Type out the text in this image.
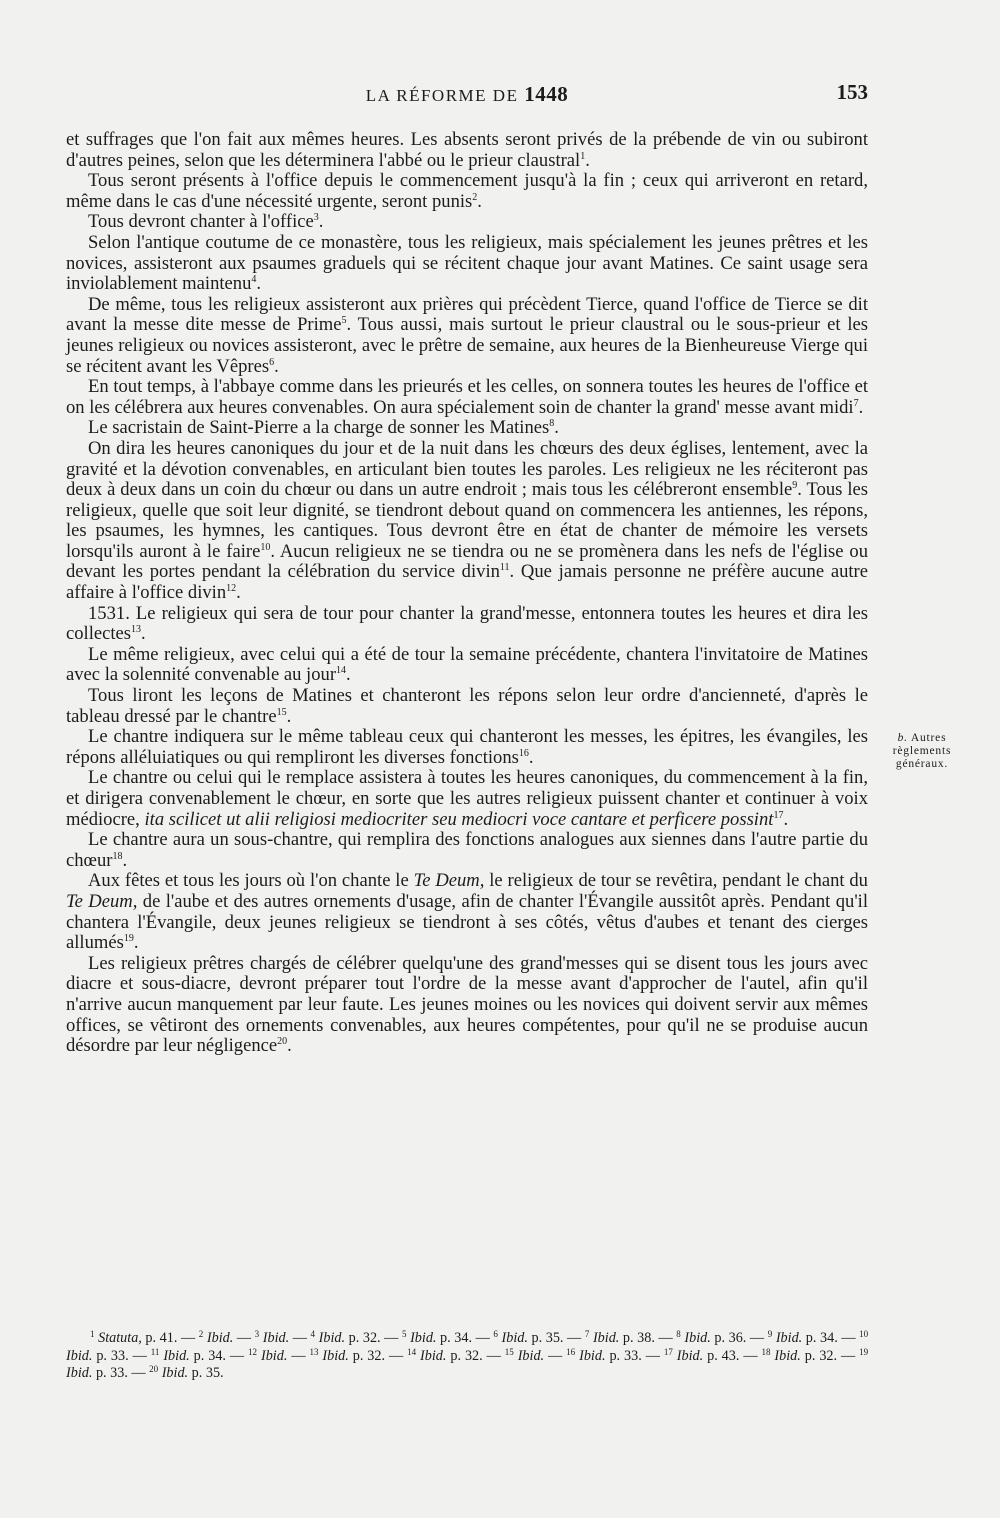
LA RÉFORME DE 1448	153

et suffrages que l'on fait aux mêmes heures. Les absents seront privés de la prébende de vin ou subiront d'autres peines, selon que les déterminera l'abbé ou le prieur claustral$^1$.

Tous seront présents à l'office depuis le commencement jusqu'à la fin ; ceux qui arriveront en retard, même dans le cas d'une nécessité urgente, seront punis$^2$.

Tous devront chanter à l'office$^3$.

Selon l'antique coutume de ce monastère, tous les religieux, mais spécialement les jeunes prêtres et les novices, assisteront aux psaumes graduels qui se récitent chaque jour avant Matines. Ce saint usage sera inviolablement maintenu$^4$.

De même, tous les religieux assisteront aux prières qui précèdent Tierce, quand l'office de Tierce se dit avant la messe dite messe de Prime$^5$. Tous aussi, mais surtout le prieur claustral ou le sous-prieur et les jeunes religieux ou novices assisteront, avec le prêtre de semaine, aux heures de la Bienheureuse Vierge qui se récitent avant les Vêpres$^6$.

En tout temps, à l'abbaye comme dans les prieurés et les celles, on sonnera toutes les heures de l'office et on les célébrera aux heures convenables. On aura spécialement soin de chanter la grand' messe avant midi$^7$.

Le sacristain de Saint-Pierre a la charge de sonner les Matines$^8$.

On dira les heures canoniques du jour et de la nuit dans les chœurs des deux églises, lentement, avec la gravité et la dévotion convenables, en articulant bien toutes les paroles. Les religieux ne les réciteront pas deux à deux dans un coin du chœur ou dans un autre endroit ; mais tous les célébreront ensemble$^9$. Tous les religieux, quelle que soit leur dignité, se tiendront debout quand on commencera les antiennes, les répons, les psaumes, les hymnes, les cantiques. Tous devront être en état de chanter de mémoire les versets lorsqu'ils auront à le faire$^{10}$. Aucun religieux ne se tiendra ou ne se promènera dans les nefs de l'église ou devant les portes pendant la célébration du service divin$^{11}$. Que jamais personne ne préfère aucune autre affaire à l'office divin$^{12}$.

1531. Le religieux qui sera de tour pour chanter la grand'messe, entonnera toutes les heures et dira les collectes$^{13}$.

Le même religieux, avec celui qui a été de tour la semaine précédente, chantera l'invitatoire de Matines avec la solennité convenable au jour$^{14}$.

Tous liront les leçons de Matines et chanteront les répons selon leur ordre d'ancienneté, d'après le tableau dressé par le chantre$^{15}$.

Le chantre indiquera sur le même tableau ceux qui chanteront les messes, les épitres, les évangiles, les répons alléluiatiques ou qui rempliront les diverses fonctions$^{16}$.

Le chantre ou celui qui le remplace assistera à toutes les heures canoniques, du commencement à la fin, et dirigera convenablement le chœur, en sorte que les autres religieux puissent chanter et continuer à voix médiocre, ita scilicet ut alii religiosi mediocriter seu mediocri voce cantare et perficere possint$^{17}$.

Le chantre aura un sous-chantre, qui remplira des fonctions analogues aux siennes dans l'autre partie du chœur$^{18}$.

Aux fêtes et tous les jours où l'on chante le Te Deum, le religieux de tour se revêtira, pendant le chant du Te Deum, de l'aube et des autres ornements d'usage, afin de chanter l'Évangile aussitôt après. Pendant qu'il chantera l'Évangile, deux jeunes religieux se tiendront à ses côtés, vêtus d'aubes et tenant des cierges allumés$^{19}$.

Les religieux prêtres chargés de célébrer quelqu'une des grand'messes qui se disent tous les jours avec diacre et sous-diacre, devront préparer tout l'ordre de la messe avant d'approcher de l'autel, afin qu'il n'arrive aucun manquement par leur faute. Les jeunes moines ou les novices qui doivent servir aux mêmes offices, se vêtiront des ornements convenables, aux heures compétentes, pour qu'il ne se produise aucun désordre par leur négligence$^{20}$.

b. Autres
règlements
généraux.

$^1$ Statuta, p. 41. — $^2$ Ibid. — $^3$ Ibid. — $^4$ Ibid. p. 32. — $^5$ Ibid. p. 34. — $^6$ Ibid. p. 35. — $^7$ Ibid. p. 38. — $^8$ Ibid. p. 36. — $^9$ Ibid. p. 34. — $^{10}$ Ibid. p. 33. — $^{11}$ Ibid. p. 34. — $^{12}$ Ibid. — $^{13}$ Ibid. p. 32. — $^{14}$ Ibid. p. 32. — $^{15}$ Ibid. — $^{16}$ Ibid. p. 33. — $^{17}$ Ibid. p. 43. — $^{18}$ Ibid. p. 32. — $^{19}$ Ibid. p. 33. — $^{20}$ Ibid. p. 35.
